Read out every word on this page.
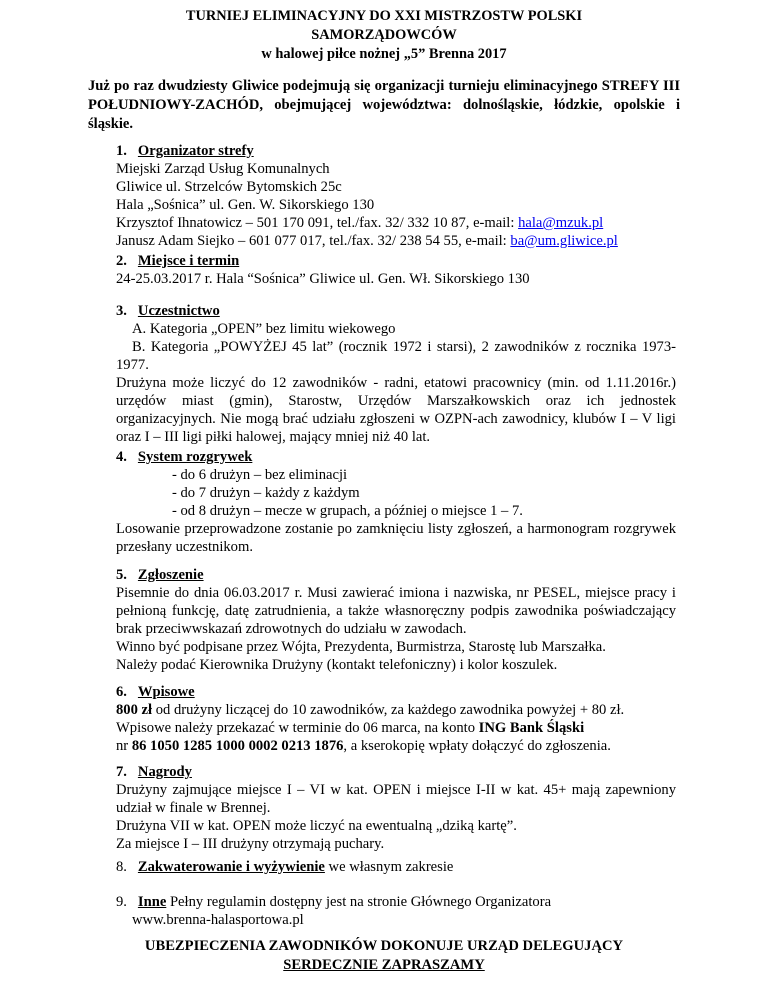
TURNIEJ ELIMINACYJNY DO XXI MISTRZOSTW POLSKI
SAMORZĄDOWCÓW
w halowej piłce nożnej „5” Brenna 2017
Już po raz dwudziesty Gliwice podejmują się organizacji turnieju eliminacyjnego STREFY III POŁUDNIOWY-ZACHÓD, obejmującej województwa: dolnośląskie, łódzkie, opolskie i śląskie.
1. Organizator strefy
Miejski Zarząd Usług Komunalnych
Gliwice ul. Strzelców Bytomskich 25c
Hala „Sośnica” ul. Gen. W. Sikorskiego 130
Krzysztof Ihnatowicz – 501 170 091, tel./fax. 32/ 332 10 87, e-mail: hala@mzuk.pl
Janusz Adam Siejko – 601 077 017, tel./fax. 32/ 238 54 55, e-mail: ba@um.gliwice.pl
2. Miejsce i termin
24-25.03.2017 r. Hala “Sośnica” Gliwice ul. Gen. Wł. Sikorskiego 130
3. Uczestnictwo
A. Kategoria „OPEN” bez limitu wiekowego
B. Kategoria „POWYŻEJ 45 lat” (rocznik 1972 i starsi), 2 zawodników z rocznika 1973-1977.
Drużyna może liczyć do 12 zawodników - radni, etatowi pracownicy (min. od 1.11.2016r.) urzędów miast (gmin), Starostw, Urzędów Marszałkowskich oraz ich jednostek organizacyjnych. Nie mogą brać udziału zgłoszeni w OZPN-ach zawodnicy, klubów I – V ligi oraz I – III ligi piłki halowej, mający mniej niż 40 lat.
4. System rozgrywek
- do 6 drużyn – bez eliminacji
- do 7 drużyn – każdy z każdym
- od 8 drużyn – mecze w grupach, a później o miejsce 1 – 7.
Losowanie przeprowadzone zostanie po zamknięciu listy zgłoszeń, a harmonogram rozgrywek przesłany uczestnikom.
5. Zgłoszenie
Pisemnie do dnia 06.03.2017 r. Musi zawierać imiona i nazwiska, nr PESEL, miejsce pracy i pełnioną funkcję, datę zatrudnienia, a także własnoręczny podpis zawodnika poświadczający brak przeciwwskazań zdrowotnych do udziału w zawodach.
Winno być podpisane przez Wójta, Prezydenta, Burmistrza, Starostę lub Marszałka.
Należy podać Kierownika Drużyny (kontakt telefoniczny) i kolor koszulek.
6. Wpisowe
800 zł od drużyny liczącej do 10 zawodników, za każdego zawodnika powyżej + 80 zł.
Wpisowe należy przekazać w terminie do 06 marca, na konto ING Bank Śląski
nr 86 1050 1285 1000 0002 0213 1876, a kserokopię wpłaty dołączyć do zgłoszenia.
7. Nagrody
Drużyny zajmujące miejsce I – VI w kat. OPEN i miejsce I-II w kat. 45+ mają zapewniony udział w finale w Brennej.
Drużyna VII w kat. OPEN może liczyć na ewentualną „dziką kartę”.
Za miejsce I – III drużyny otrzymają puchary.
8. Zakwaterowanie i wyżywienie we własnym zakresie
9. Inne Pełny regulamin dostępny jest na stronie Głównego Organizatora
www.brenna-halasportowa.pl
UBEZPIECZENIA ZAWODNIKÓW DOKONUJE URZĄD DELEGUJĄCY
SERDECZNIE ZAPRASZAMY
